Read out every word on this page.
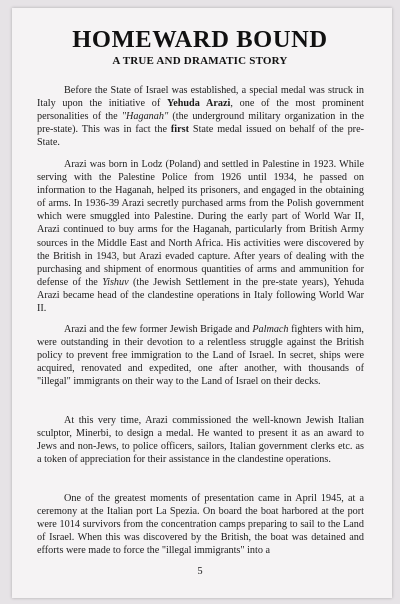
HOMEWARD BOUND
A TRUE AND DRAMATIC STORY

Before the State of Israel was established, a special medal was struck in Italy upon the initiative of Yehuda Arazi, one of the most prominent personalities of the "Haganah" (the underground military organization in the pre-state). This was in fact the first State medal issued on behalf of the pre- State.

Arazi was born in Lodz (Poland) and settled in Palestine in 1923. While serving with the Palestine Police from 1926 until 1934, he passed on information to the Haganah, helped its prisoners, and engaged in the obtaining of arms. In 1936-39 Arazi secretly purchased arms from the Polish government which were smuggled into Palestine. During the early part of World War II, Arazi continued to buy arms for the Haganah, particularly from British Army sources in the Middle East and North Africa. His activities were discovered by the British in 1943, but Arazi evaded capture. After years of dealing with the purchasing and shipment of enormous quantities of arms and ammunition for defense of the Yishuv (the Jewish Settlement in the pre-state years), Yehuda Arazi became head of the clandestine operations in Italy following World War II.

Arazi and the few former Jewish Brigade and Palmach fighters with him, were outstanding in their devotion to a relentless struggle against the British policy to prevent free immigration to the Land of Israel. In secret, ships were acquired, renovated and expedited, one after another, with thousands of "illegal" immigrants on their way to the Land of Israel on their decks.

At this very time, Arazi commissioned the well-known Jewish Italian sculptor, Minerbi, to design a medal. He wanted to present it as an award to Jews and non-Jews, to police officers, sailors, Italian government clerks etc. as a token of appreciation for their assistance in the clandestine operations.

One of the greatest moments of presentation came in April 1945, at a ceremony at the Italian port La Spezia. On board the boat harbored at the port were 1014 survivors from the concentration camps preparing to sail to the Land of Israel. When this was discovered by the British, the boat was detained and efforts were made to force the "illegal immigrants" into a

5
